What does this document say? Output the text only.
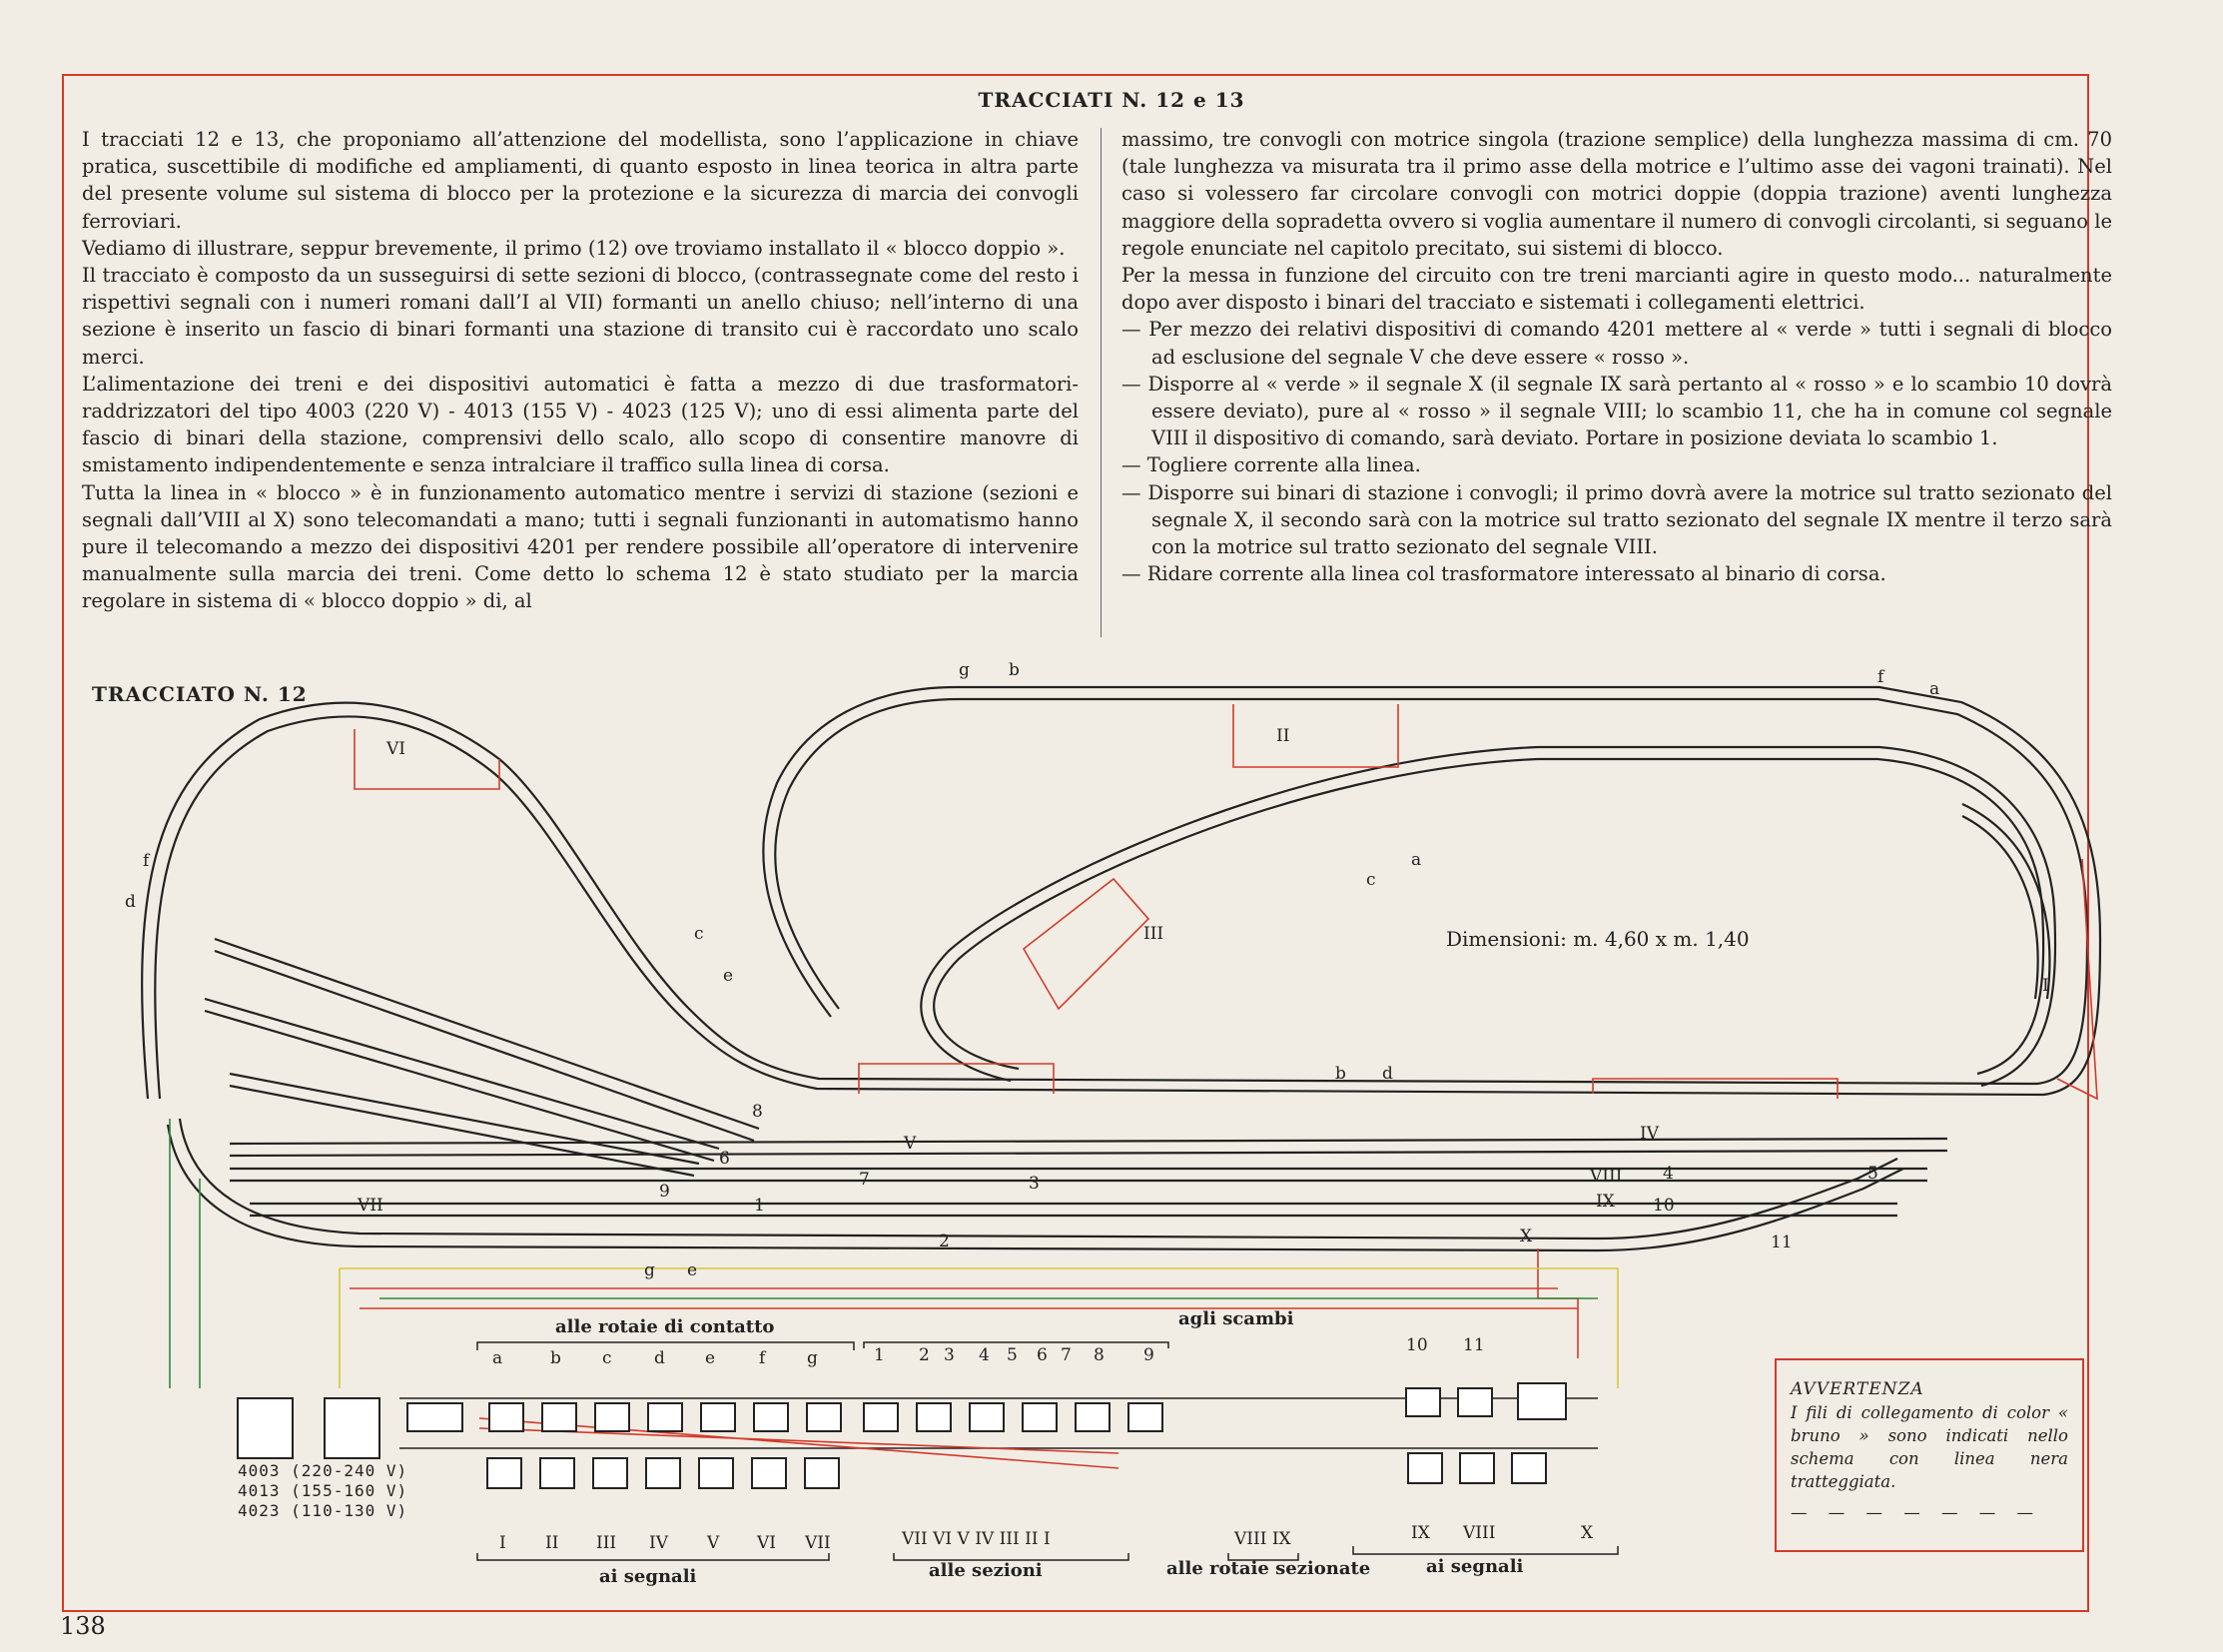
TRACCIATI N. 12 e 13

I tracciati 12 e 13, che proponiamo all’attenzione del modellista, sono l’applicazione in chiave pratica, suscettibile di modifiche ed ampliamenti, di quanto esposto in linea teorica in altra parte del presente volume sul sistema di blocco per la protezione e la sicurezza di marcia dei convogli ferroviari.

Vediamo di illustrare, seppur brevemente, il primo (12) ove troviamo installato il « blocco doppio ».

Il tracciato è composto da un susseguirsi di sette sezioni di blocco, (contrassegnate come del resto i rispettivi segnali con i numeri romani dall’I al VII) formanti un anello chiuso; nell’interno di una sezione è inserito un fascio di binari formanti una stazione di transito cui è raccordato uno scalo merci.

L’alimentazione dei treni e dei dispositivi automatici è fatta a mezzo di due trasformatori-raddrizzatori del tipo 4003 (220 V) - 4013 (155 V) - 4023 (125 V); uno di essi alimenta parte del fascio di binari della stazione, comprensivi dello scalo, allo scopo di consentire manovre di smistamento indipendentemente e senza intralciare il traffico sulla linea di corsa.

Tutta la linea in « blocco » è in funzionamento automatico mentre i servizi di stazione (sezioni e segnali dall’VIII al X) sono telecomandati a mano; tutti i segnali funzionanti in automatismo hanno pure il telecomando a mezzo dei dispositivi 4201 per rendere possibile all’operatore di intervenire manualmente sulla marcia dei treni. Come detto lo schema 12 è stato studiato per la marcia regolare in sistema di « blocco doppio » di, al

massimo, tre convogli con motrice singola (trazione semplice) della lunghezza massima di cm. 70 (tale lunghezza va misurata tra il primo asse della motrice e l’ultimo asse dei vagoni trainati). Nel caso si volessero far circolare convogli con motrici doppie (doppia trazione) aventi lunghezza maggiore della sopradetta ovvero si voglia aumentare il numero di convogli circolanti, si seguano le regole enunciate nel capitolo precitato, sui sistemi di blocco.

Per la messa in funzione del circuito con tre treni marcianti agire in questo modo... naturalmente dopo aver disposto i binari del tracciato e sistemati i collegamenti elettrici.

— Per mezzo dei relativi dispositivi di comando 4201 mettere al « verde » tutti i segnali di blocco ad esclusione del segnale V che deve essere « rosso ».

— Disporre al « verde » il segnale X (il segnale IX sarà pertanto al « rosso » e lo scambio 10 dovrà essere deviato), pure al « rosso » il segnale VIII; lo scambio 11, che ha in comune col segnale VIII il dispositivo di comando, sarà deviato. Portare in posizione deviata lo scambio 1.

— Togliere corrente alla linea.

— Disporre sui binari di stazione i convogli; il primo dovrà avere la motrice sul tratto sezionato del segnale X, il secondo sarà con la motrice sul tratto sezionato del segnale IX mentre il terzo sarà con la motrice sul tratto sezionato del segnale VIII.

— Ridare corrente alla linea col trasformatore interessato al binario di corsa.

TRACCIATO N. 12
VI
II
III
I
V	IV
VII
VIII
IX
X
g b	f
a
a
c
f
d
c
e
b d
g e
1
2
3	4	5
6
7
8
9
10
11
a	b c d e	f g	1 2 3 4 5 6 7 8 9	10 11
I II III IV V VI VII	VII VI V IV III II I	VIII IX	IX VIII	X
Dimensioni: m. 4,60 x m. 1,40
4003 (220-240 V)
4013 (155-160 V)
4023 (110-130 V)
alle rotaie di contatto	agli scambi
ai segnali	alle sezioni	alle rotaie sezionate	ai segnali
AVVERTENZA
I fili di collegamento di color « bruno » sono indicati nello schema con linea nera tratteggiata.
— — — — — — —
138
